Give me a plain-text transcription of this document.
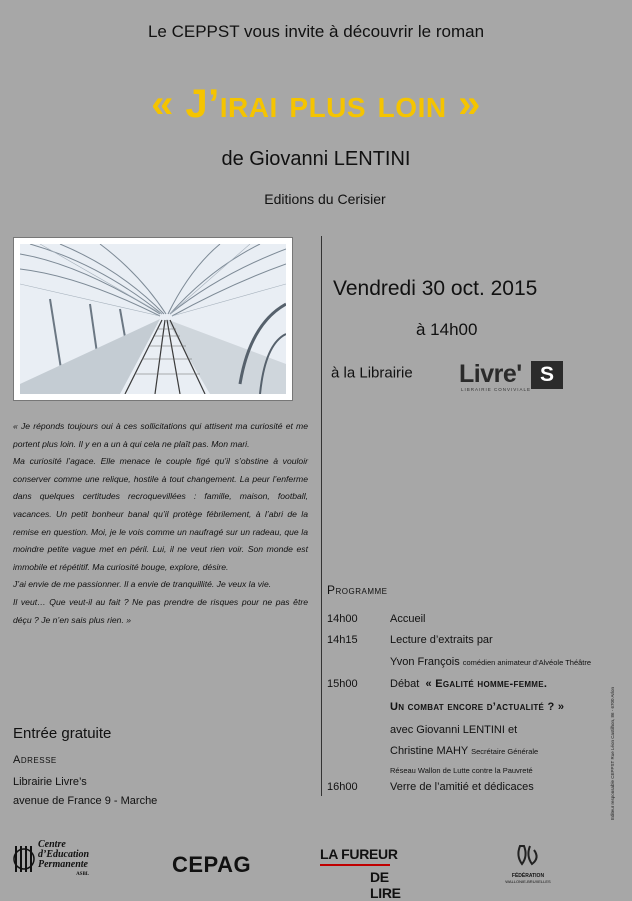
Le CEPPST vous invite à découvrir le roman
« J’irai plus loin »
de Giovanni LENTINI
Editions du Cerisier

« Je réponds toujours oui à ces sollicitations qui attisent ma curiosité et me portent plus loin. Il y en a un à qui cela ne plaît pas. Mon mari.

Ma curiosité l’agace. Elle menace le couple figé qu’il s’obstine à vouloir conserver comme une relique, hostile à tout changement. La peur l’enferme dans quelques certitudes recroquevillées : famille, maison, football, vacances. Un petit bonheur banal qu’il protège fébrilement, à l’abri de la remise en question. Moi, je le vois comme un naufragé sur un radeau, que la moindre petite vague met en péril. Lui, il ne veut rien voir. Son monde est immobile et répétitif. Ma curiosité bouge, explore, désire.

J’ai envie de me passionner. Il a envie de tranquillité. Je veux la vie.

Il veut… Que veut-il au fait ? Ne pas prendre de risques pour ne pas être déçu ? Je n’en sais plus rien. »

Vendredi 30 oct. 2015
à 14h00
à la Librairie Livre' S
LIBRAIRIE CONVIVIALE
Programme
14h00	Accueil
14h15	Lecture d’extraits par
Yvon François comédien animateur d’Alvéole Théâtre
15h00	Débat « Egalité homme-femme.
Un combat encore d’actualité ? »
avec Giovanni LENTINI et
Christine MAHY Secrétaire Générale
Réseau Wallon de Lutte contre la Pauvreté
16h00	Verre de l’amitié et dédicaces
Entrée gratuite
Adresse
Librairie Livre’s
avenue de France 9 - Marche	Editeur responsable CEPPST Rue Léon Castilhon, 86 - 6700 Arlon
Centre
d’Education
Permanente
ASBL	CEPAG	LA FUREUR
DE LIRE
FÉDÉRATION
WALLONIE-BRUXELLES
